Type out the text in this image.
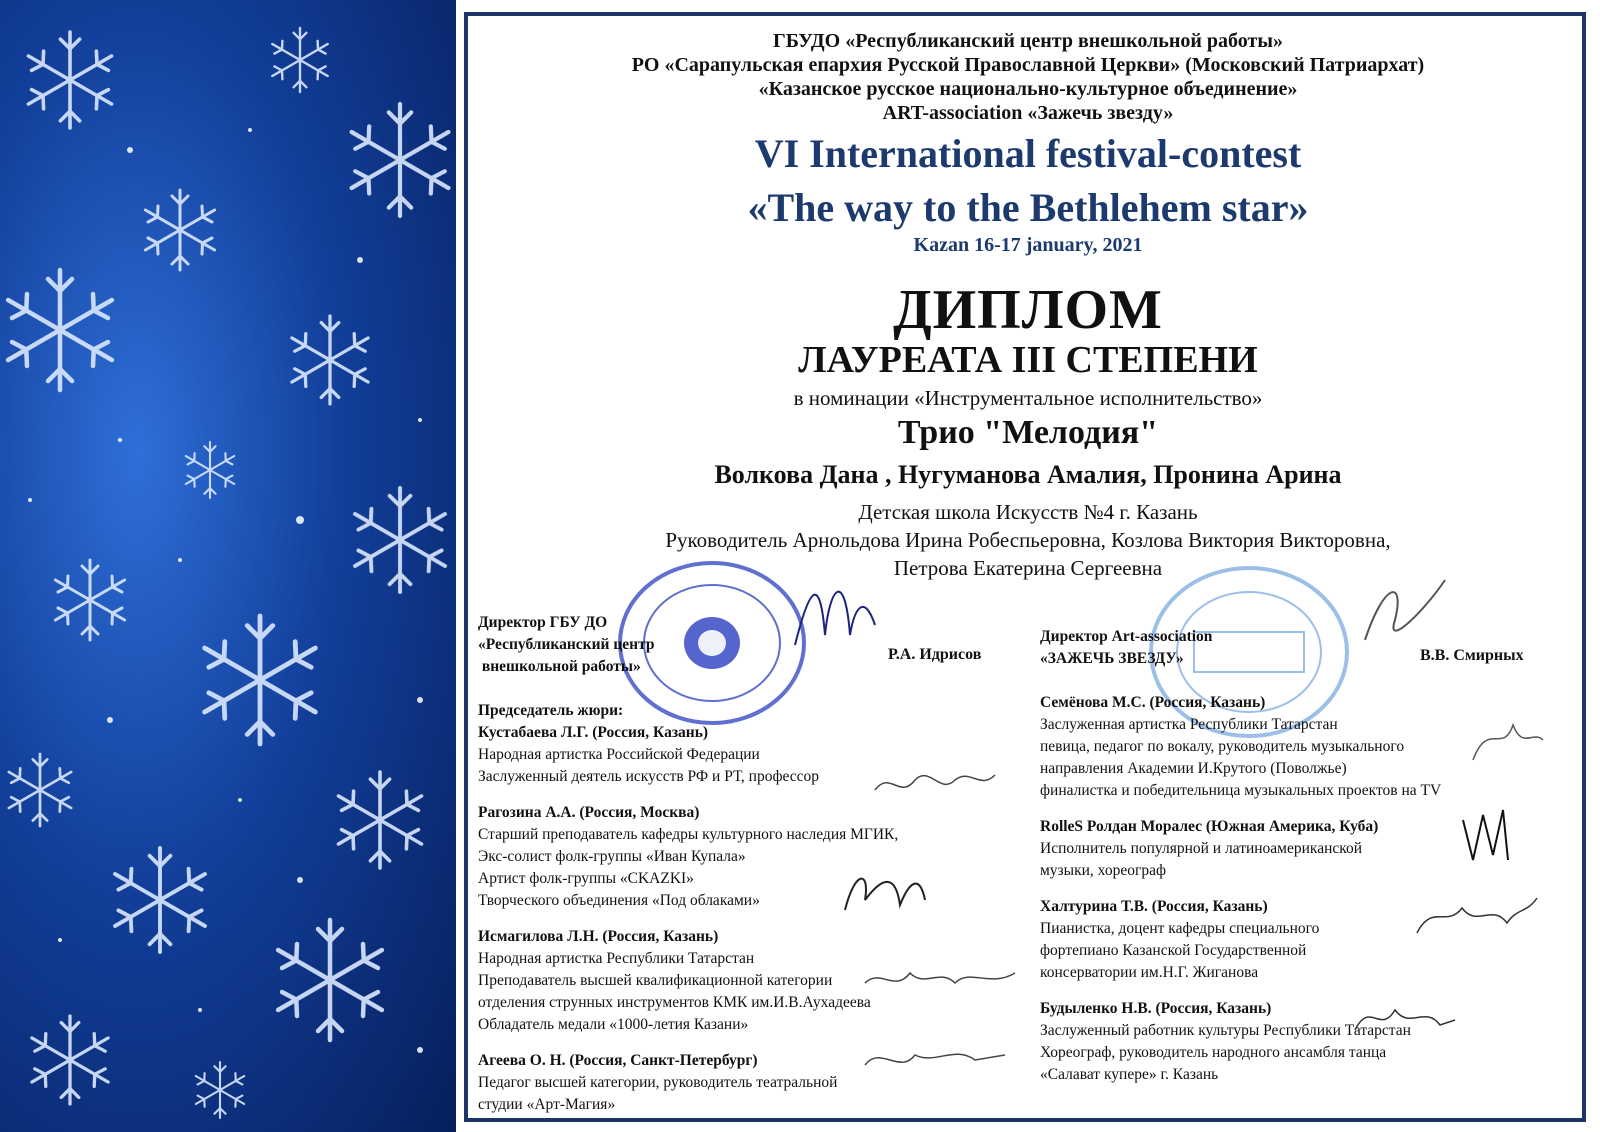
ГБУДО «Республиканский центр внешкольной работы»
РО «Сарапульская епархия Русской Православной Церкви» (Московский Патриархат)
«Казанское русское национально-культурное объединение»
ART-association «Зажечь звезду»
VI International festival-contest
«The way to the Bethlehem star»
Kazan 16-17 january, 2021
ДИПЛОМ
ЛАУРЕАТА III СТЕПЕНИ
в номинации «Инструментальное исполнительство»
Трио "Мелодия"
Волкова Дана , Нугуманова Амалия, Пронина Арина
Детская школа Искусств №4 г. Казань
Руководитель Арнольдова Ирина Робеспьеровна, Козлова Виктория Викторовна,
Петрова Екатерина Сергеевна
Директор ГБУ ДО
«Республиканский центр
внешкольной работы»
Р.А. Идрисов
Директор Art-association
«ЗАЖЕЧЬ ЗВЕЗДУ»	В.В. Смирных
Председатель жюри:
Кустабаева Л.Г. (Россия, Казань)
Народная артистка Российской Федерации
Заслуженный деятель искусств РФ и РТ, профессор
Рагозина А.А. (Россия, Москва)
Старший преподаватель кафедры культурного наследия МГИК,
Экс-солист фолк-группы «Иван Купала»
Артист фолк-группы «CKAZKI»
Творческого объединения «Под облаками»
Исмагилова Л.Н. (Россия, Казань)
Народная артистка Республики Татарстан
Преподаватель высшей квалификационной категории
отделения струнных инструментов КМК им.И.В.Аухадеева
Обладатель медали «1000-летия Казани»
Агеева О. Н. (Россия, Санкт-Петербург)
Педагог высшей категории, руководитель театральной
студии «Арт-Магия»
Семёнова М.С. (Россия, Казань)
Заслуженная артистка Республики Татарстан
певица, педагог по вокалу, руководитель музыкального
направления Академии И.Крутого (Поволжье)
финалистка и победительница музыкальных проектов на TV
RolleS Ролдан Моралес (Южная Америка, Куба)
Исполнитель популярной и латиноамериканской
музыки, хореограф
Халтурина Т.В. (Россия, Казань)
Пианистка, доцент кафедры специального
фортепиано Казанской Государственной
консерватории им.Н.Г. Жиганова
Будыленко Н.В. (Россия, Казань)
Заслуженный работник культуры Республики Татарстан
Хореограф, руководитель народного ансамбля танца
«Салават купере» г. Казань
